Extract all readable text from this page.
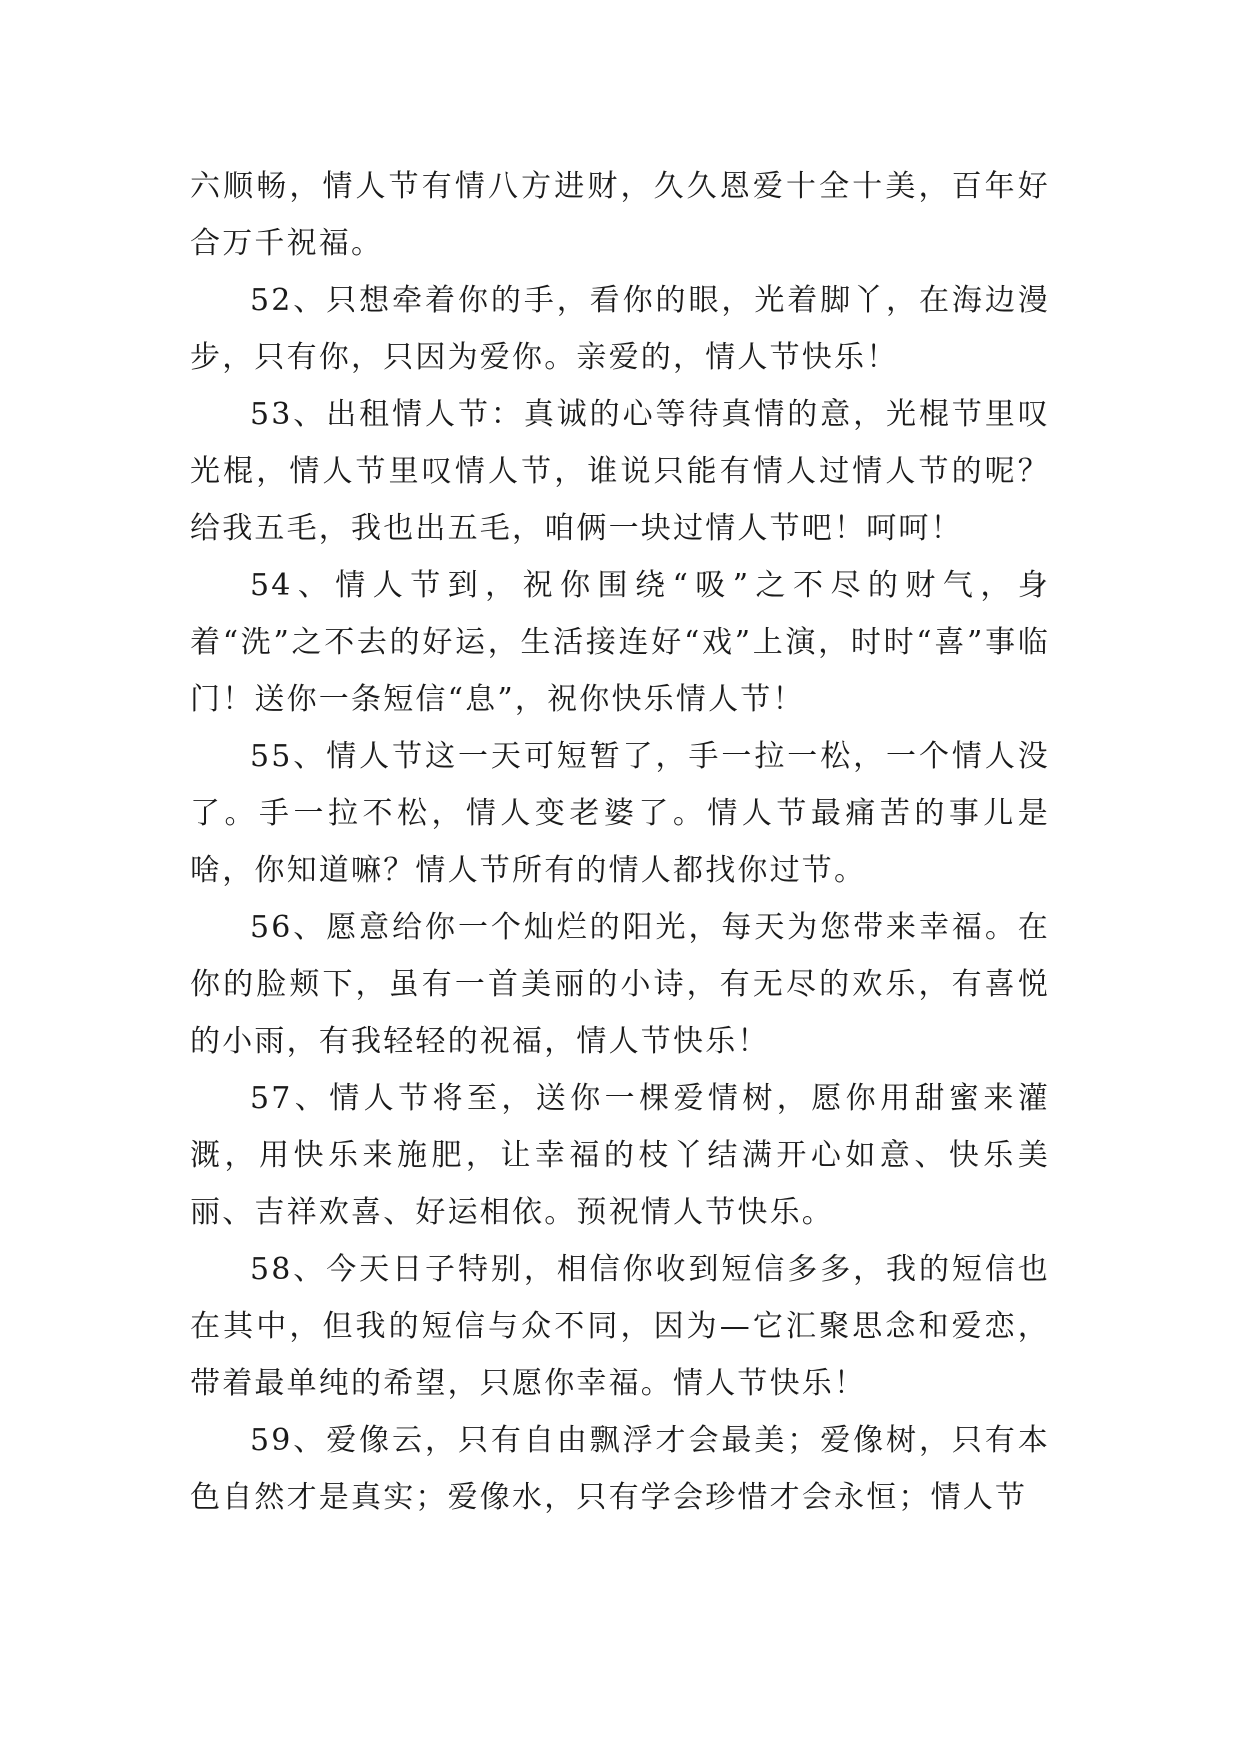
六顺畅，情人节有情八方进财，久久恩爱十全十美，百年好合万千祝福。

52、只想牵着你的手，看你的眼，光着脚丫，在海边漫步，只有你，只因为爱你。亲爱的，情人节快乐！

53、出租情人节：真诚的心等待真情的意，光棍节里叹光棍，情人节里叹情人节，谁说只能有情人过情人节的呢？给我五毛，我也出五毛，咱俩一块过情人节吧！呵呵！

54、情人节到，祝你围绕“吸”之不尽的财气，身着“洗”之不去的好运，生活接连好“戏”上演，时时“喜”事临门！送你一条短信“息”，祝你快乐情人节！

55、情人节这一天可短暂了，手一拉一松，一个情人没了。手一拉不松，情人变老婆了。情人节最痛苦的事儿是啥，你知道嘛？情人节所有的情人都找你过节。

56、愿意给你一个灿烂的阳光，每天为您带来幸福。在你的脸颊下，虽有一首美丽的小诗，有无尽的欢乐，有喜悦的小雨，有我轻轻的祝福，情人节快乐！

57、情人节将至，送你一棵爱情树，愿你用甜蜜来灌溉，用快乐来施肥，让幸福的枝丫结满开心如意、快乐美丽、吉祥欢喜、好运相依。预祝情人节快乐。

58、今天日子特别，相信你收到短信多多，我的短信也在其中，但我的短信与众不同，因为—它汇聚思念和爱恋，带着最单纯的希望，只愿你幸福。情人节快乐！

59、爱像云，只有自由飘浮才会最美；爱像树，只有本色自然才是真实；爱像水，只有学会珍惜才会永恒；情人节
